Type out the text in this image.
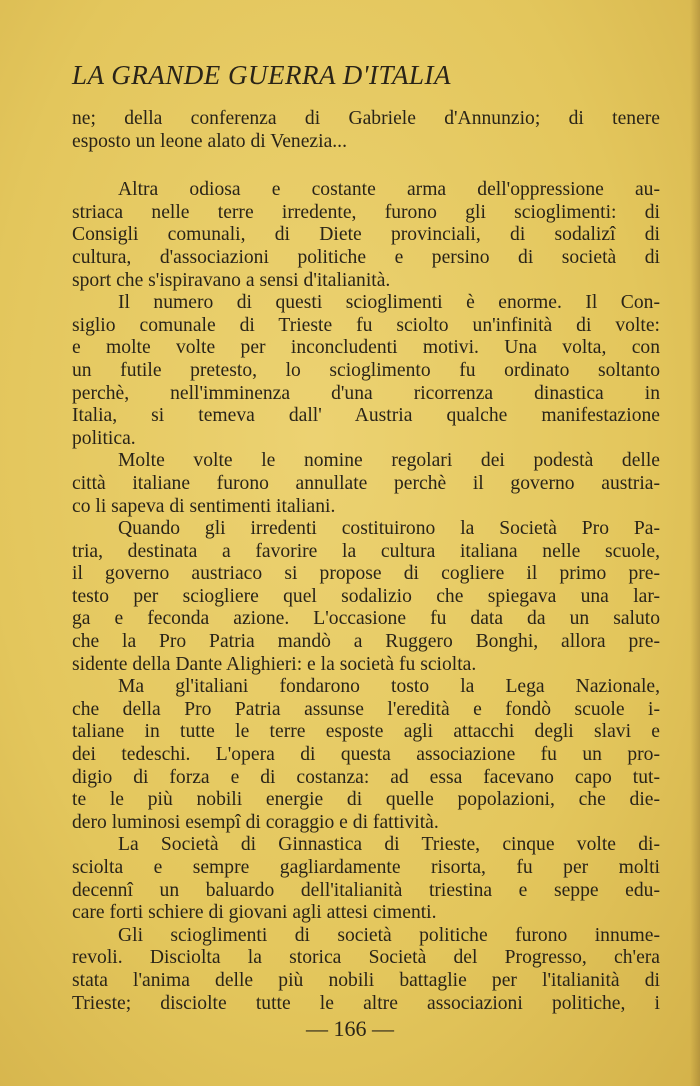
LA GRANDE GUERRA D'ITALIA
ne; della conferenza di Gabriele d'Annunzio; di tenere
esposto un leone alato di Venezia...
Altra odiosa e costante arma dell'oppressione au-
striaca nelle terre irredente, furono gli scioglimenti: di
Consigli comunali, di Diete provinciali, di sodalizî di
cultura, d'associazioni politiche e persino di società di
sport che s'ispiravano a sensi d'italianità.
Il numero di questi scioglimenti è enorme. Il Con-
siglio comunale di Trieste fu sciolto un'infinità di volte:
e molte volte per inconcludenti motivi. Una volta, con
un futile pretesto, lo scioglimento fu ordinato soltanto
perchè, nell'imminenza d'una ricorrenza dinastica in
Italia, si temeva dall' Austria qualche manifestazione
politica.
Molte volte le nomine regolari dei podestà delle
città italiane furono annullate perchè il governo austria-
co li sapeva di sentimenti italiani.
Quando gli irredenti costituirono la Società Pro Pa-
tria, destinata a favorire la cultura italiana nelle scuole,
il governo austriaco si propose di cogliere il primo pre-
testo per sciogliere quel sodalizio che spiegava una lar-
ga e feconda azione. L'occasione fu data da un saluto
che la Pro Patria mandò a Ruggero Bonghi, allora pre-
sidente della Dante Alighieri: e la società fu sciolta.
Ma gl'italiani fondarono tosto la Lega Nazionale,
che della Pro Patria assunse l'eredità e fondò scuole i-
taliane in tutte le terre esposte agli attacchi degli slavi e
dei tedeschi. L'opera di questa associazione fu un pro-
digio di forza e di costanza: ad essa facevano capo tut-
te le più nobili energie di quelle popolazioni, che die-
dero luminosi esempî di coraggio e di fattività.
La Società di Ginnastica di Trieste, cinque volte di-
sciolta e sempre gagliardamente risorta, fu per molti
decennî un baluardo dell'italianità triestina e seppe edu-
care forti schiere di giovani agli attesi cimenti.
Gli scioglimenti di società politiche furono innume-
revoli. Disciolta la storica Società del Progresso, ch'era
stata l'anima delle più nobili battaglie per l'italianità di
Trieste; disciolte tutte le altre associazioni politiche, i
— 166 —
